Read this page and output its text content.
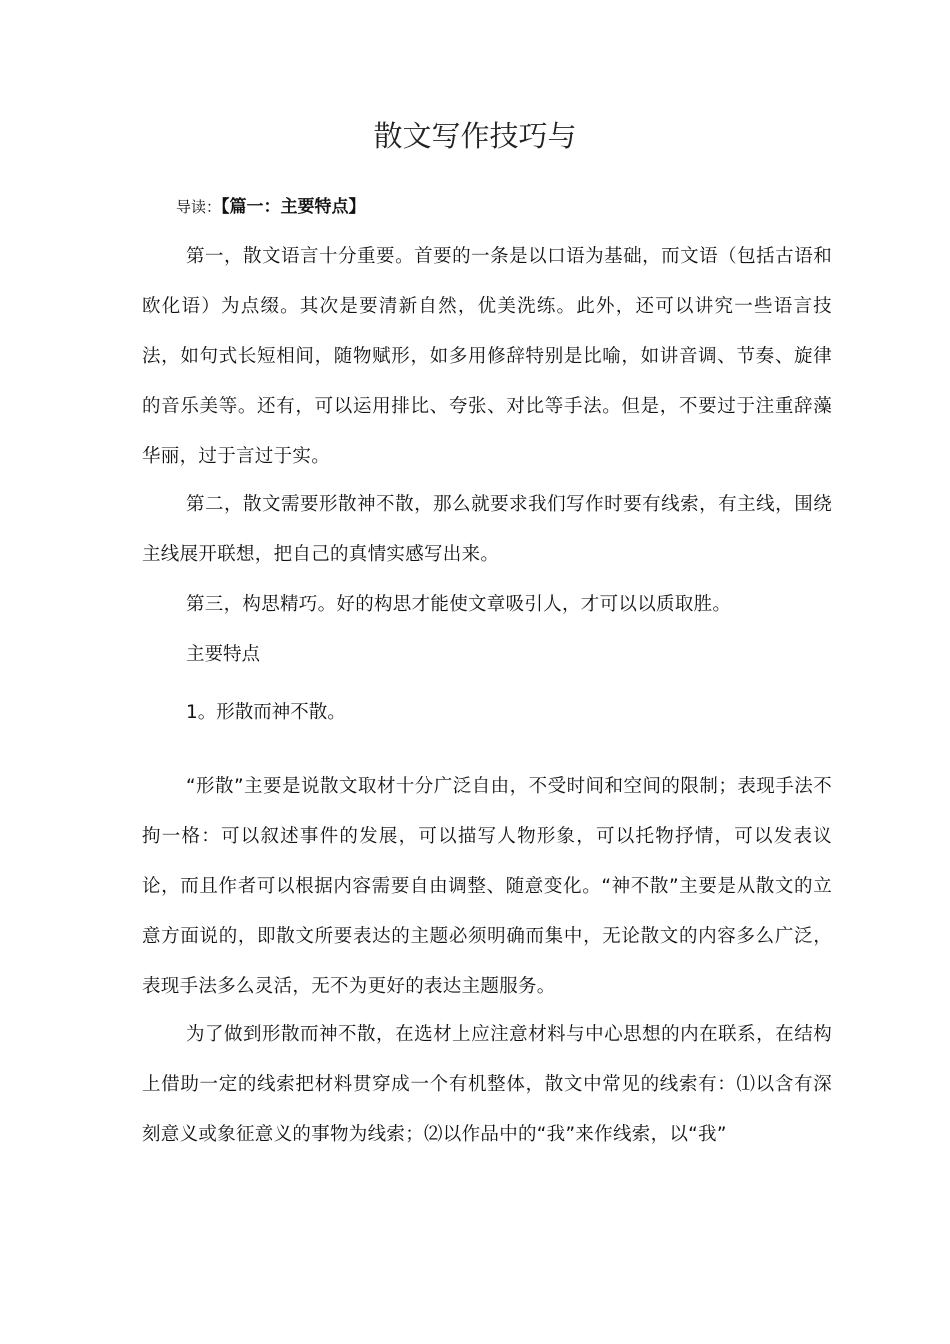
散文写作技巧与
导读：【篇一：主要特点】

第一，散文语言十分重要。首要的一条是以口语为基础，而文语（包括古语和欧化语）为点缀。其次是要清新自然，优美洗练。此外，还可以讲究一些语言技法，如句式长短相间，随物赋形，如多用修辞特别是比喻，如讲音调、节奏、旋律的音乐美等。还有，可以运用排比、夸张、对比等手法。但是，不要过于注重辞藻华丽，过于言过于实。

第二，散文需要形散神不散，那么就要求我们写作时要有线索，有主线，围绕主线展开联想，把自己的真情实感写出来。

第三，构思精巧。好的构思才能使文章吸引人，才可以以质取胜。

主要特点

1。形散而神不散。

“形散”主要是说散文取材十分广泛自由，不受时间和空间的限制；表现手法不拘一格：可以叙述事件的发展，可以描写人物形象，可以托物抒情，可以发表议论，而且作者可以根据内容需要自由调整、随意变化。“神不散”主要是从散文的立意方面说的，即散文所要表达的主题必须明确而集中，无论散文的内容多么广泛，表现手法多么灵活，无不为更好的表达主题服务。

为了做到形散而神不散，在选材上应注意材料与中心思想的内在联系，在结构上借助一定的线索把材料贯穿成一个有机整体，散文中常见的线索有：⑴以含有深刻意义或象征意义的事物为线索；⑵以作品中的“我”来作线索，以“我”
